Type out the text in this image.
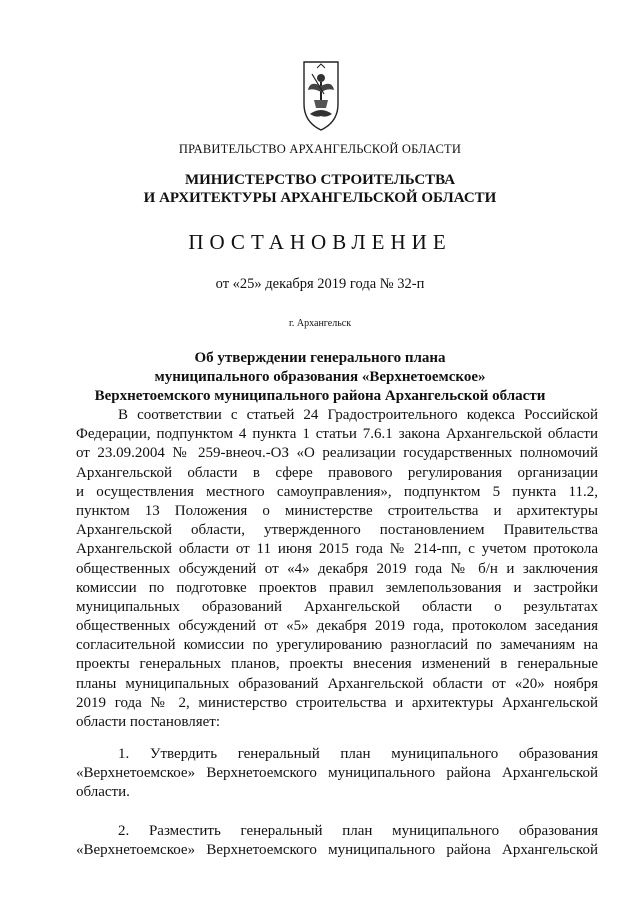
ПРАВИТЕЛЬСТВО АРХАНГЕЛЬСКОЙ ОБЛАСТИ
МИНИСТЕРСТВО СТРОИТЕЛЬСТВА
И АРХИТЕКТУРЫ АРХАНГЕЛЬСКОЙ ОБЛАСТИ
ПОСТАНОВЛЕНИЕ
от «25» декабря 2019 года № 32-п
г. Архангельск
Об утверждении генерального плана
муниципального образования «Верхнетоемское»
Верхнетоемского муниципального района Архангельской области
В соответствии с статьей 24 Градостроительного кодекса Российской
Федерации, подпунктом 4 пункта 1 статьи 7.6.1 закона Архангельской области
от 23.09.2004 № 259-внеоч.-ОЗ «О реализации государственных полномочий
Архангельской области в сфере правового регулирования организации
и осуществления местного самоуправления», подпунктом 5 пункта 11.2,
пунктом 13 Положения о министерстве строительства и архитектуры
Архангельской области, утвержденного постановлением Правительства
Архангельской области от 11 июня 2015 года № 214-пп, с учетом протокола
общественных обсуждений от «4» декабря 2019 года № б/н и заключения
комиссии по подготовке проектов правил землепользования и застройки
муниципальных образований Архангельской области о результатах
общественных обсуждений от «5» декабря 2019 года, протоколом заседания
согласительной комиссии по урегулированию разногласий по замечаниям на
проекты генеральных планов, проекты внесения изменений в генеральные
планы муниципальных образований Архангельской области от «20» ноября
2019 года № 2, министерство строительства и архитектуры Архангельской
области постановляет:
1. Утвердить генеральный план муниципального образования
«Верхнетоемское» Верхнетоемского муниципального района Архангельской
области.
2. Разместить генеральный план муниципального образования
«Верхнетоемское» Верхнетоемского муниципального района Архангельской
